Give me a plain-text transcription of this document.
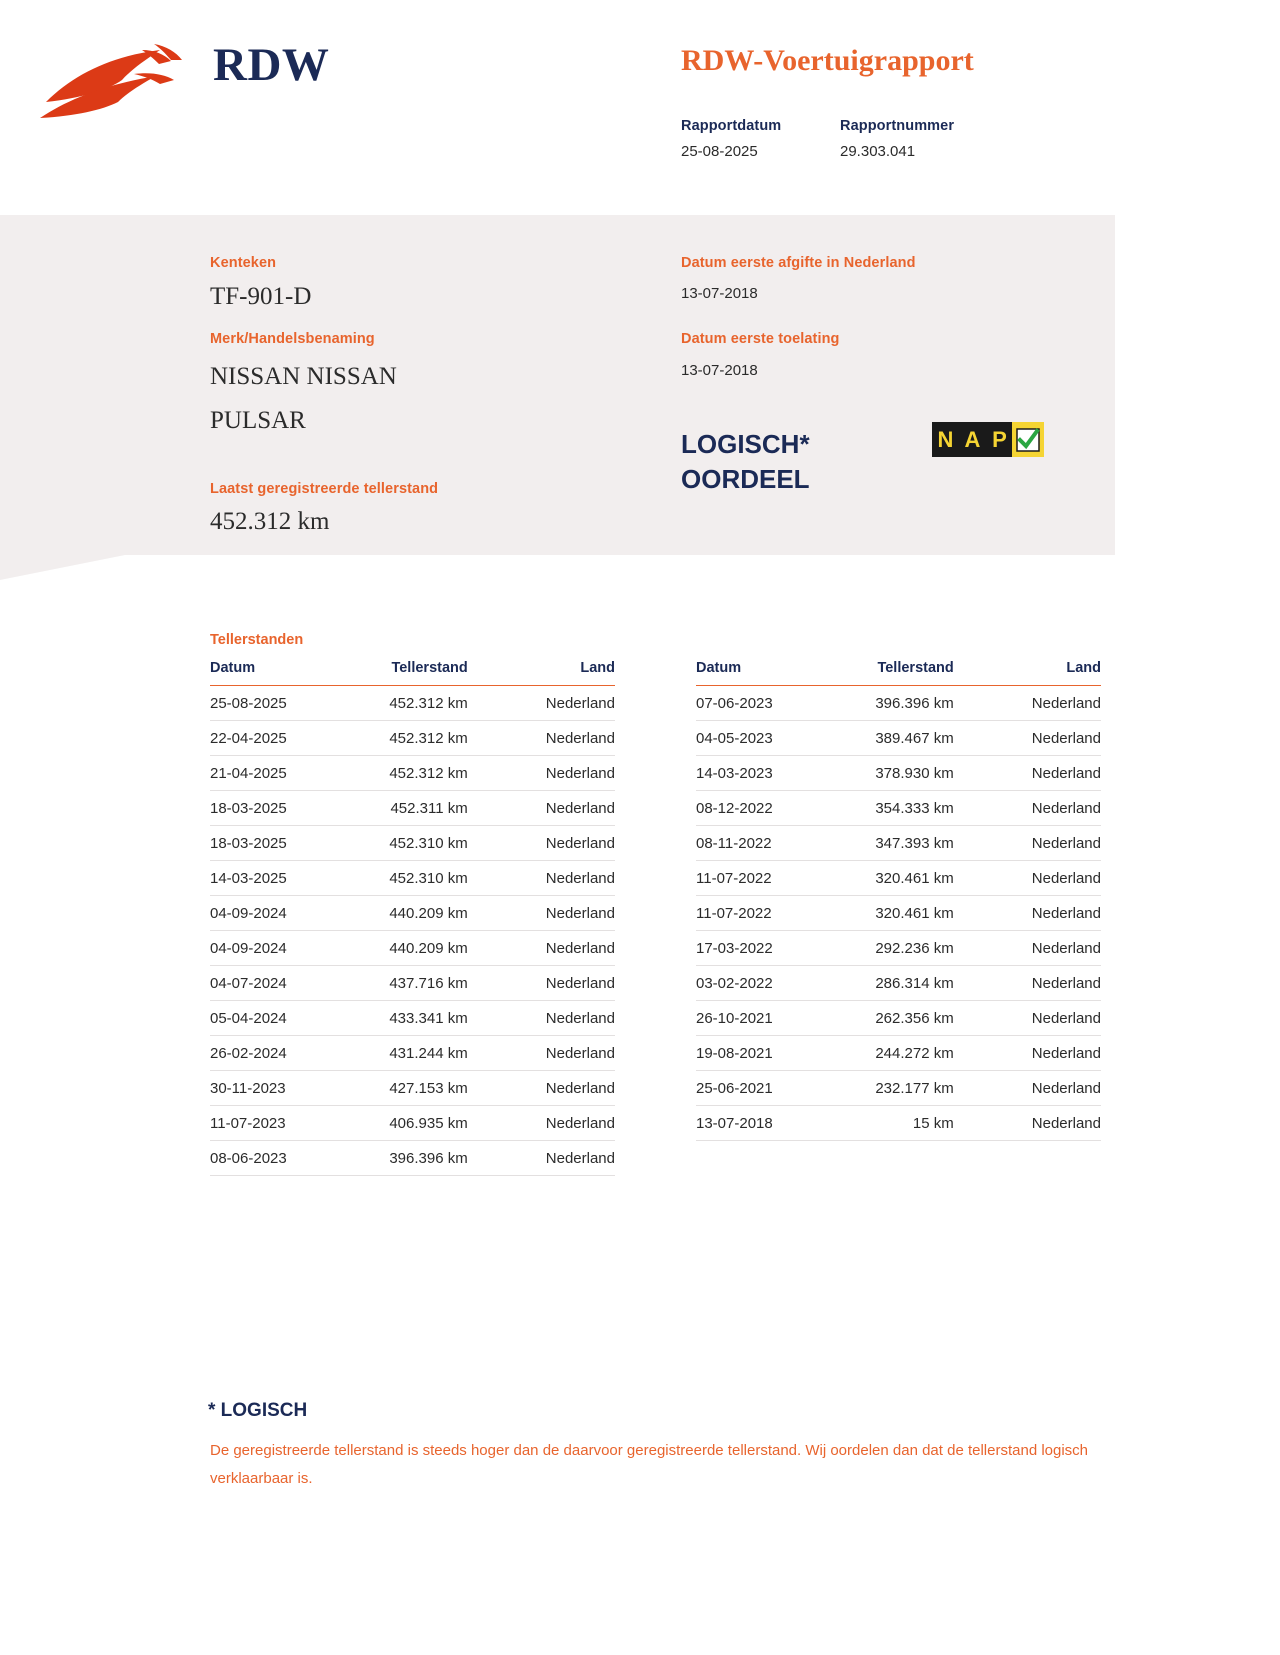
RDW	RDW-Voertuigrapport
Rapportdatum
25-08-2025
Rapportnummer
29.303.041
Kenteken
TF-901-D
Merk/Handelsbenaming
NISSAN NISSAN
PULSAR
Laatst geregistreerde tellerstand
452.312 km
Datum eerste afgifte in Nederland
13-07-2018
Datum eerste toelating
13-07-2018
LOGISCH*
OORDEEL
N A P
Tellerstanden
Datum	Tellerstand	Land
25-08-2025	452.312 km	Nederland
22-04-2025	452.312 km	Nederland
21-04-2025	452.312 km	Nederland
18-03-2025	452.311 km	Nederland
18-03-2025	452.310 km	Nederland
14-03-2025	452.310 km	Nederland
04-09-2024	440.209 km	Nederland
04-09-2024	440.209 km	Nederland
04-07-2024	437.716 km	Nederland
05-04-2024	433.341 km	Nederland
26-02-2024	431.244 km	Nederland
30-11-2023	427.153 km	Nederland
11-07-2023	406.935 km	Nederland
08-06-2023	396.396 km	Nederland
Datum	Tellerstand	Land
07-06-2023	396.396 km	Nederland
04-05-2023	389.467 km	Nederland
14-03-2023	378.930 km	Nederland
08-12-2022	354.333 km	Nederland
08-11-2022	347.393 km	Nederland
11-07-2022	320.461 km	Nederland
11-07-2022	320.461 km	Nederland
17-03-2022	292.236 km	Nederland
03-02-2022	286.314 km	Nederland
26-10-2021	262.356 km	Nederland
19-08-2021	244.272 km	Nederland
25-06-2021	232.177 km	Nederland
13-07-2018	15 km	Nederland
* LOGISCH
De geregistreerde tellerstand is steeds hoger dan de daarvoor geregistreerde tellerstand. Wij oordelen dan dat de tellerstand logisch verklaarbaar is.
